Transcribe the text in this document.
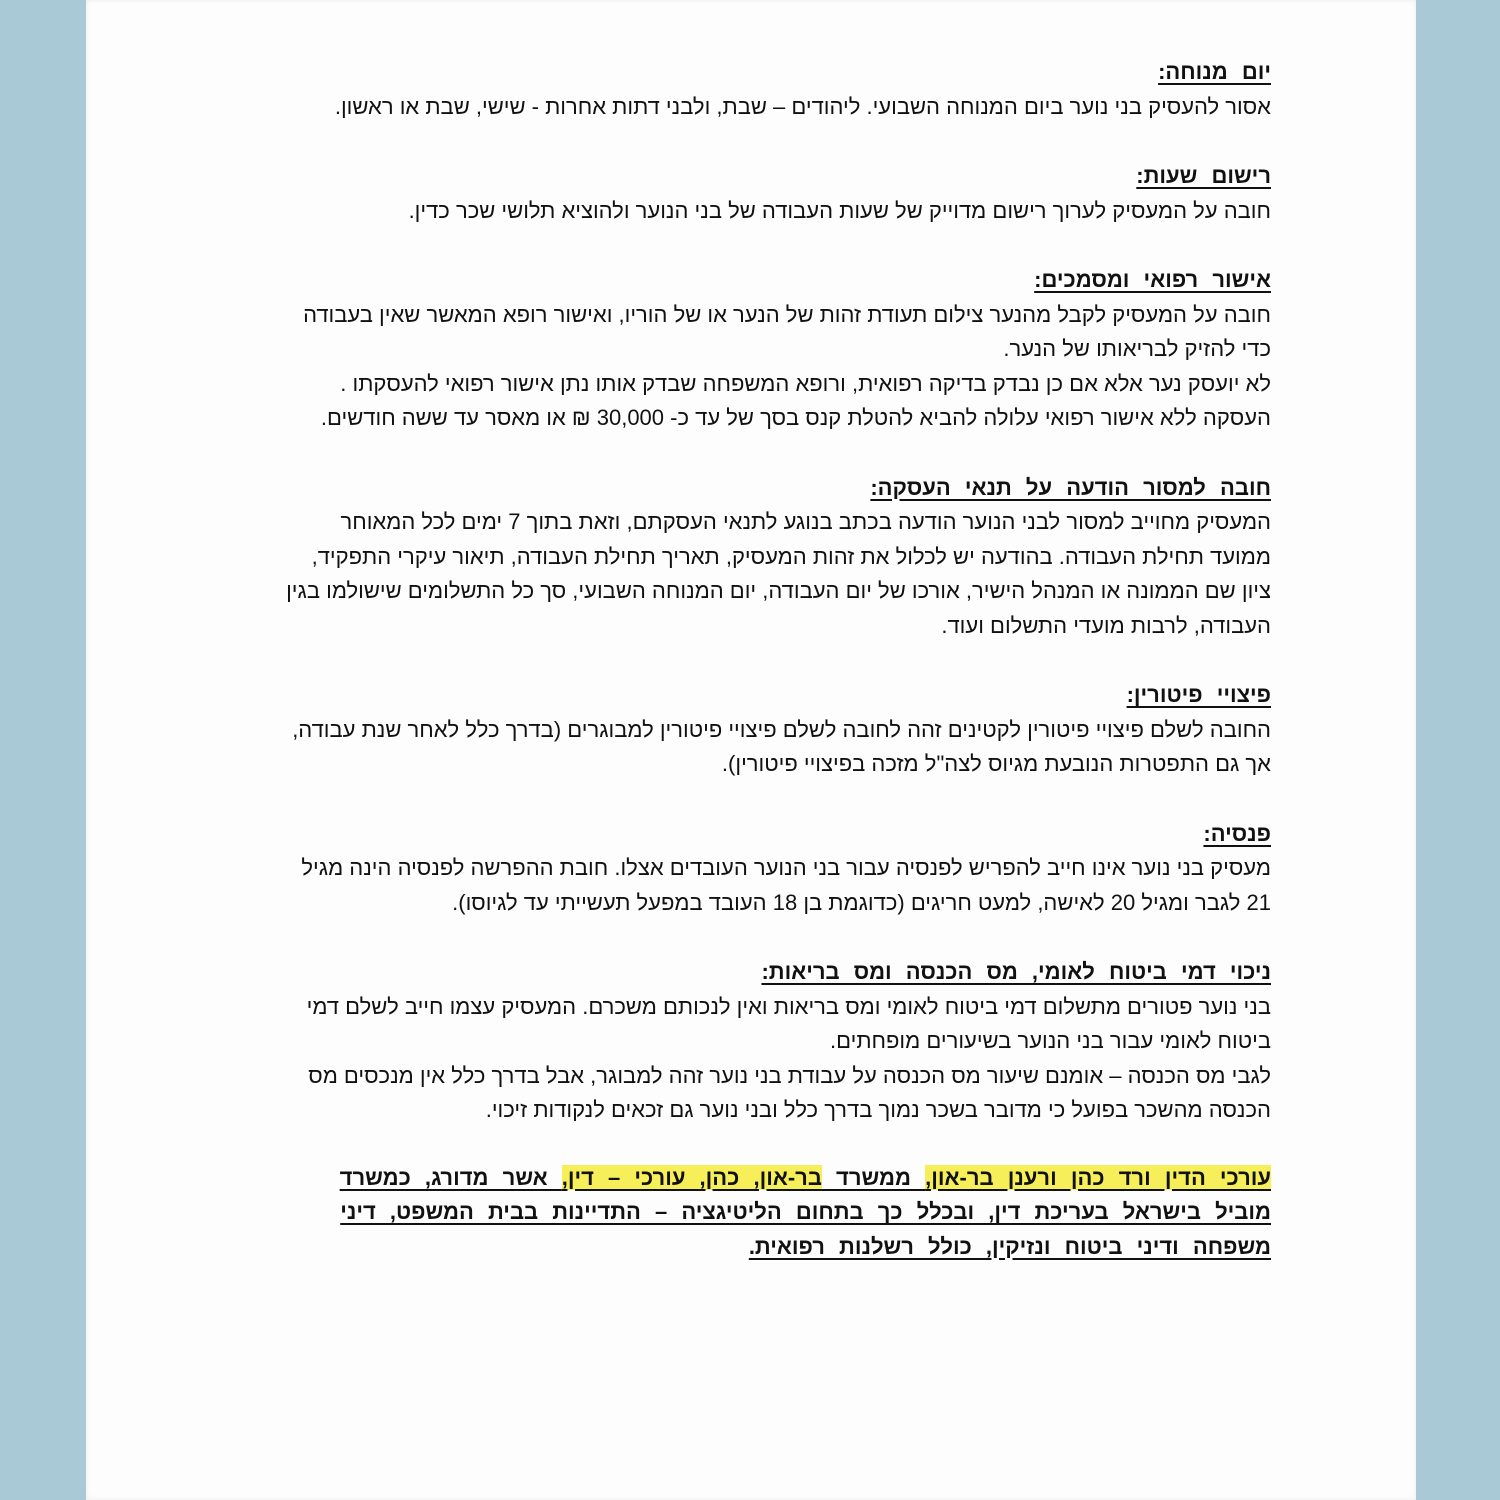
יום מנוחה:

אסור להעסיק בני נוער ביום המנוחה השבועי. ליהודים – שבת, ולבני דתות אחרות - שישי, שבת או ראשון.

רישום שעות:

חובה על המעסיק לערוך רישום מדוייק של שעות העבודה של בני הנוער ולהוציא תלושי שכר כדין.

אישור רפואי ומסמכים:

חובה על המעסיק לקבל מהנער צילום תעודת זהות של הנער או של הוריו, ואישור רופא המאשר שאין בעבודה כדי להזיק לבריאותו של הנער.

לא יועסק נער אלא אם כן נבדק בדיקה רפואית, ורופא המשפחה שבדק אותו נתן אישור רפואי להעסקתו .

העסקה ללא אישור רפואי עלולה להביא להטלת קנס בסך של עד כ- 30,000 ₪ או מאסר עד ששה חודשים.

חובה למסור הודעה על תנאי העסקה:

המעסיק מחוייב למסור לבני הנוער הודעה בכתב בנוגע לתנאי העסקתם, וזאת בתוך 7 ימים לכל המאוחר ממועד תחילת העבודה. בהודעה יש לכלול את זהות המעסיק, תאריך תחילת העבודה, תיאור עיקרי התפקיד, ציון שם הממונה או המנהל הישיר, אורכו של יום העבודה, יום המנוחה השבועי, סך כל התשלומים שישולמו בגין העבודה, לרבות מועדי התשלום ועוד.

פיצויי פיטורין:

החובה לשלם פיצויי פיטורין לקטינים זהה לחובה לשלם פיצויי פיטורין למבוגרים (בדרך כלל לאחר שנת עבודה, אך גם התפטרות הנובעת מגיוס לצה"ל מזכה בפיצויי פיטורין).

פנסיה:

מעסיק בני נוער אינו חייב להפריש לפנסיה עבור בני הנוער העובדים אצלו. חובת ההפרשה לפנסיה הינה מגיל 21 לגבר ומגיל 20 לאישה, למעט חריגים (כדוגמת בן 18 העובד במפעל תעשייתי עד לגיוסו).

ניכוי דמי ביטוח לאומי, מס הכנסה ומס בריאות:

בני נוער פטורים מתשלום דמי ביטוח לאומי ומס בריאות ואין לנכותם משכרם. המעסיק עצמו חייב לשלם דמי ביטוח לאומי עבור בני הנוער בשיעורים מופחתים.

לגבי מס הכנסה – אומנם שיעור מס הכנסה על עבודת בני נוער זהה למבוגר, אבל בדרך כלל אין מנכסים מס הכנסה מהשכר בפועל כי מדובר בשכר נמוך בדרך כלל ובני נוער גם זכאים לנקודות זיכוי.

עורכי הדין ורד כהן ורענן בר-און, ממשרד בר-און, כהן, עורכי – דין, אשר מדורג, כמשרד מוביל בישראל בעריכת דין, ובכלל כך בתחום הליטיגציה – התדיינות בבית המשפט, דיני משפחה ודיני ביטוח ונזיקין, כולל רשלנות רפואית.
